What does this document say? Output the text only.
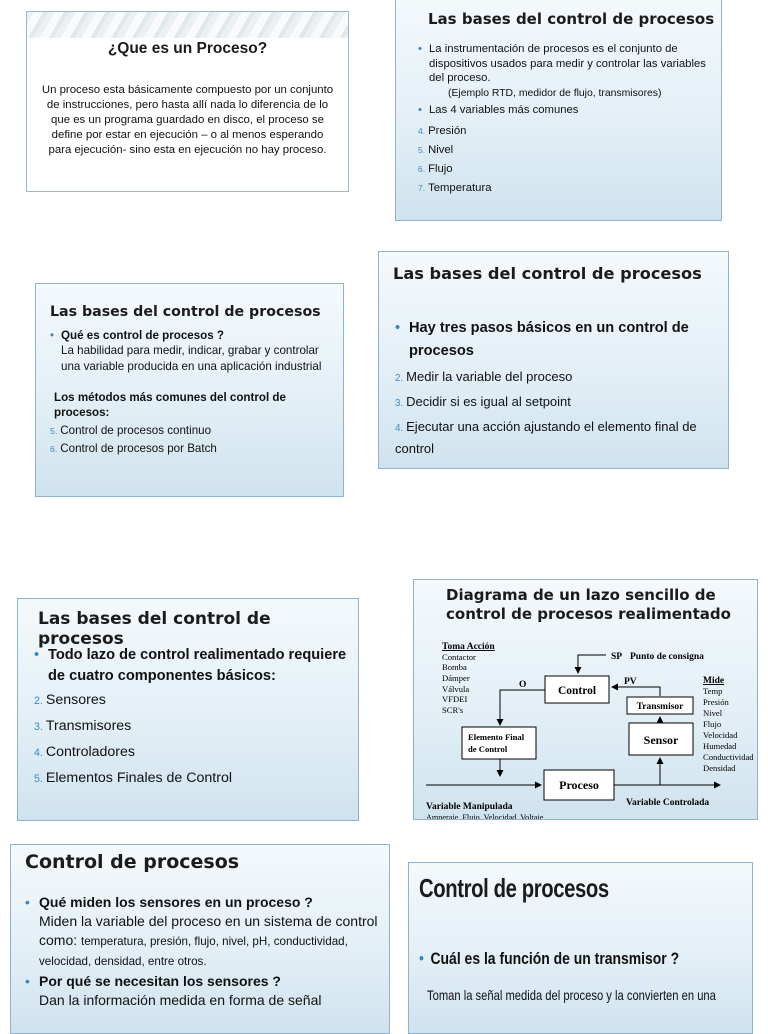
¿Que es un Proceso?
Un proceso esta básicamente compuesto por un conjunto de instrucciones, pero hasta allí nada lo diferencia de lo que es un programa guardado en disco, el proceso se define por estar en ejecución – o al menos esperando para ejecución- sino esta en ejecución no hay proceso.
Las bases del control de procesos
• La instrumentación de procesos es el conjunto de dispositivos usados para medir y controlar las variables del proceso.
(Ejemplo RTD, medidor de flujo, transmisores)
• Las 4 variables más comunes
4. Presión
5. Nivel
6. Flujo
7. Temperatura
Las bases del control de procesos
• Qué es control de procesos ?
La habilidad para medir, indicar, grabar y controlar una variable producida en una aplicación industrial
Los métodos más comunes del control de procesos:
5. Control de procesos continuo
6. Control de procesos por Batch
Las bases del control de procesos
• Hay tres pasos básicos en un control de procesos
2. Medir la variable del proceso
3. Decidir si es igual al setpoint
4. Ejecutar una acción ajustando el elemento final de control
Las bases del control de procesos
• Todo lazo de control realimentado requiere de cuatro componentes básicos:
2. Sensores
3. Transmisores
4. Controladores
5. Elementos Finales de Control
Diagrama de un lazo sencillo de
control de procesos realimentado
Toma Acción
Contactor
Bomba
Dámper
Válvula
VFDEI
SCR's
SP Punto de consigna
Control
O	PV
Transmisor
Sensor
Mide
Temp
Presión
Nivel
Flujo
Velocidad
Humedad
Conductividad
Densidad
Elemento Final
de Control
Proceso
Variable Manipulada
Amperaje, Flujo, Velocidad, Voltaje
Variable Controlada
Control de procesos
• Qué miden los sensores en un proceso ?
Miden la variable del proceso en un sistema de control como: temperatura, presión, flujo, nivel, pH, conductividad, velocidad, densidad, entre otros.
• Por qué se necesitan los sensores ?
Dan la información medida en forma de señal
Control de procesos
• Cuál es la función de un transmisor ?
Toman la señal medida del proceso y la convierten en una
